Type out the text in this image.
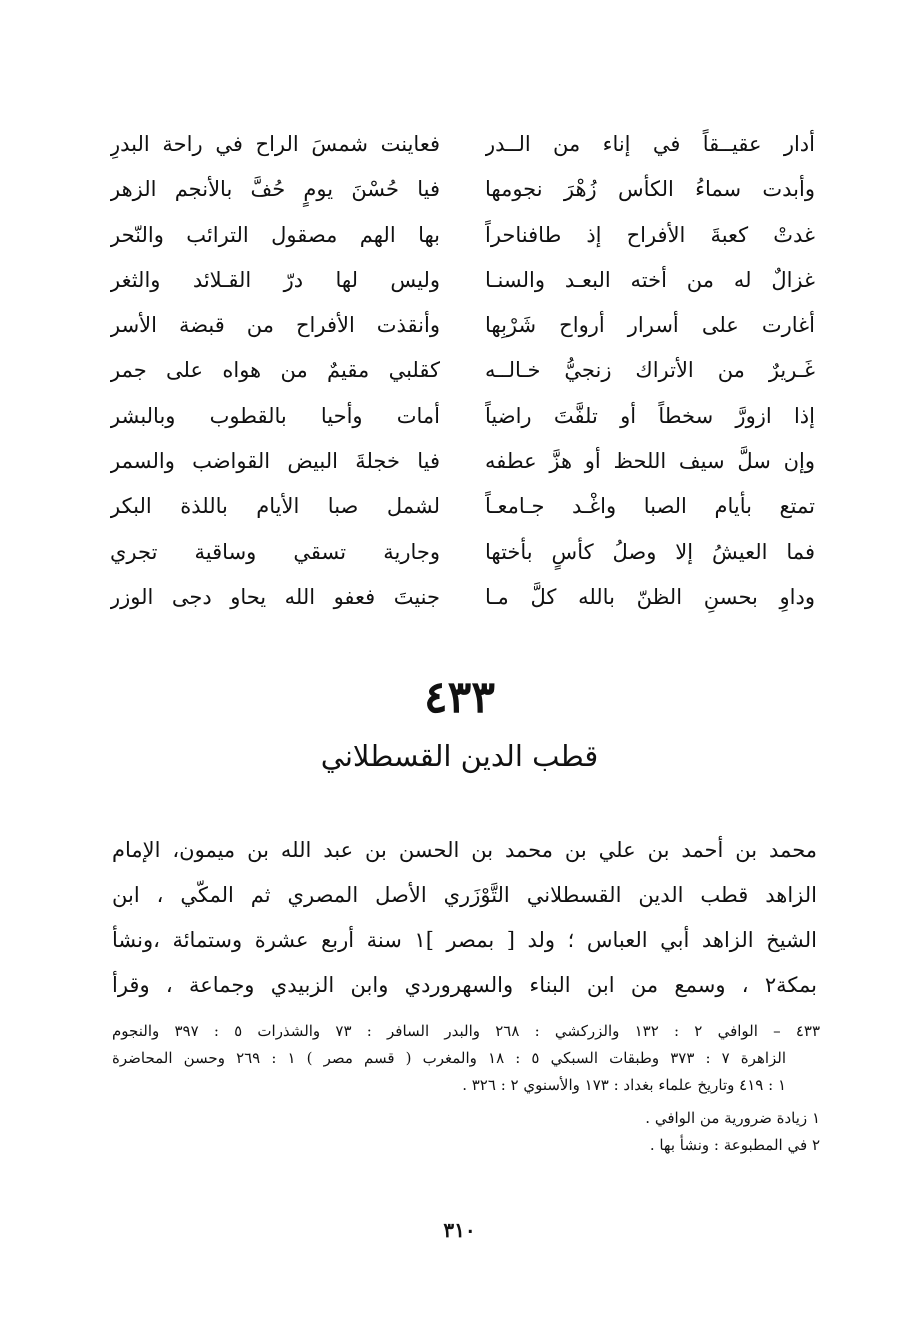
أدار عقيــقاً في إناء من الــدر
فعاينت شمسَ الراح في راحة البدرِ
وأبدت سماءُ الكأس زُهْرَ نجومها
فيا حُسْنَ يومٍ حُفَّ بالأنجم الزهر
غدتْ كعبةَ الأفراح إذ طافناحراً
بها الهم مصقول الترائب والنّحر
غزالٌ له من أخته البعـد والسنـا
وليس لها درّ القـلائد والثغر
أغارت على أسرار أرواح شَرْبِها
وأنقذت الأفراح من قبضة الأسر
غَـريرٌ من الأتراك زنجيُّ خـالــه
كقلبي مقيمٌ من هواه على جمر
إذا ازورَّ سخطاً أو تلفَّتَ راضياً
أمات وأحيا بالقطوب وبالبشر
وإن سلَّ سيف اللحظ أو هزَّ عطفه
فيا خجلةَ البيض القواضب والسمر
تمتع بأيام الصبا واغْـد جـامعـاً
لشمل صبا الأيام باللذة البكر
فما العيشُ إلا وصلُ كأسٍ بأختها
وجارية تسقي وساقية تجري
وداوِ بحسنِ الظنّ بالله كلَّ مـا
جنيتَ فعفو الله يحاو دجى الوزر
٤٣٣
قطب الدين القسطلاني
محمد بن أحمد بن علي بن محمد بن الحسن بن عبد الله بن ميمون، الإمام
الزاهد قطب الدين القسطلاني التَّوْزَري الأصل المصري ثم المكّي ، ابن
الشيخ الزاهد أبي العباس ؛ ولد [ بمصر ]١ سنة أربع عشرة وستمائة ،ونشأ
بمكة٢ ، وسمع من ابن البناء والسهروردي وابن الزبيدي وجماعة ، وقرأ
٤٣٣ – الوافي ٢ : ١٣٢ والزركشي : ٢٦٨ والبدر السافر : ٧٣ والشذرات ٥ : ٣٩٧ والنجوم
الزاهرة ٧ : ٣٧٣ وطبقات السبكي ٥ : ١٨ والمغرب ( قسم مصر ) ١ : ٢٦٩ وحسن المحاضرة
١ : ٤١٩ وتاريخ علماء بغداد : ١٧٣ والأسنوي ٢ : ٣٢٦ .
١ زيادة ضرورية من الوافي .
٢ في المطبوعة : ونشأ بها .
٣١٠
